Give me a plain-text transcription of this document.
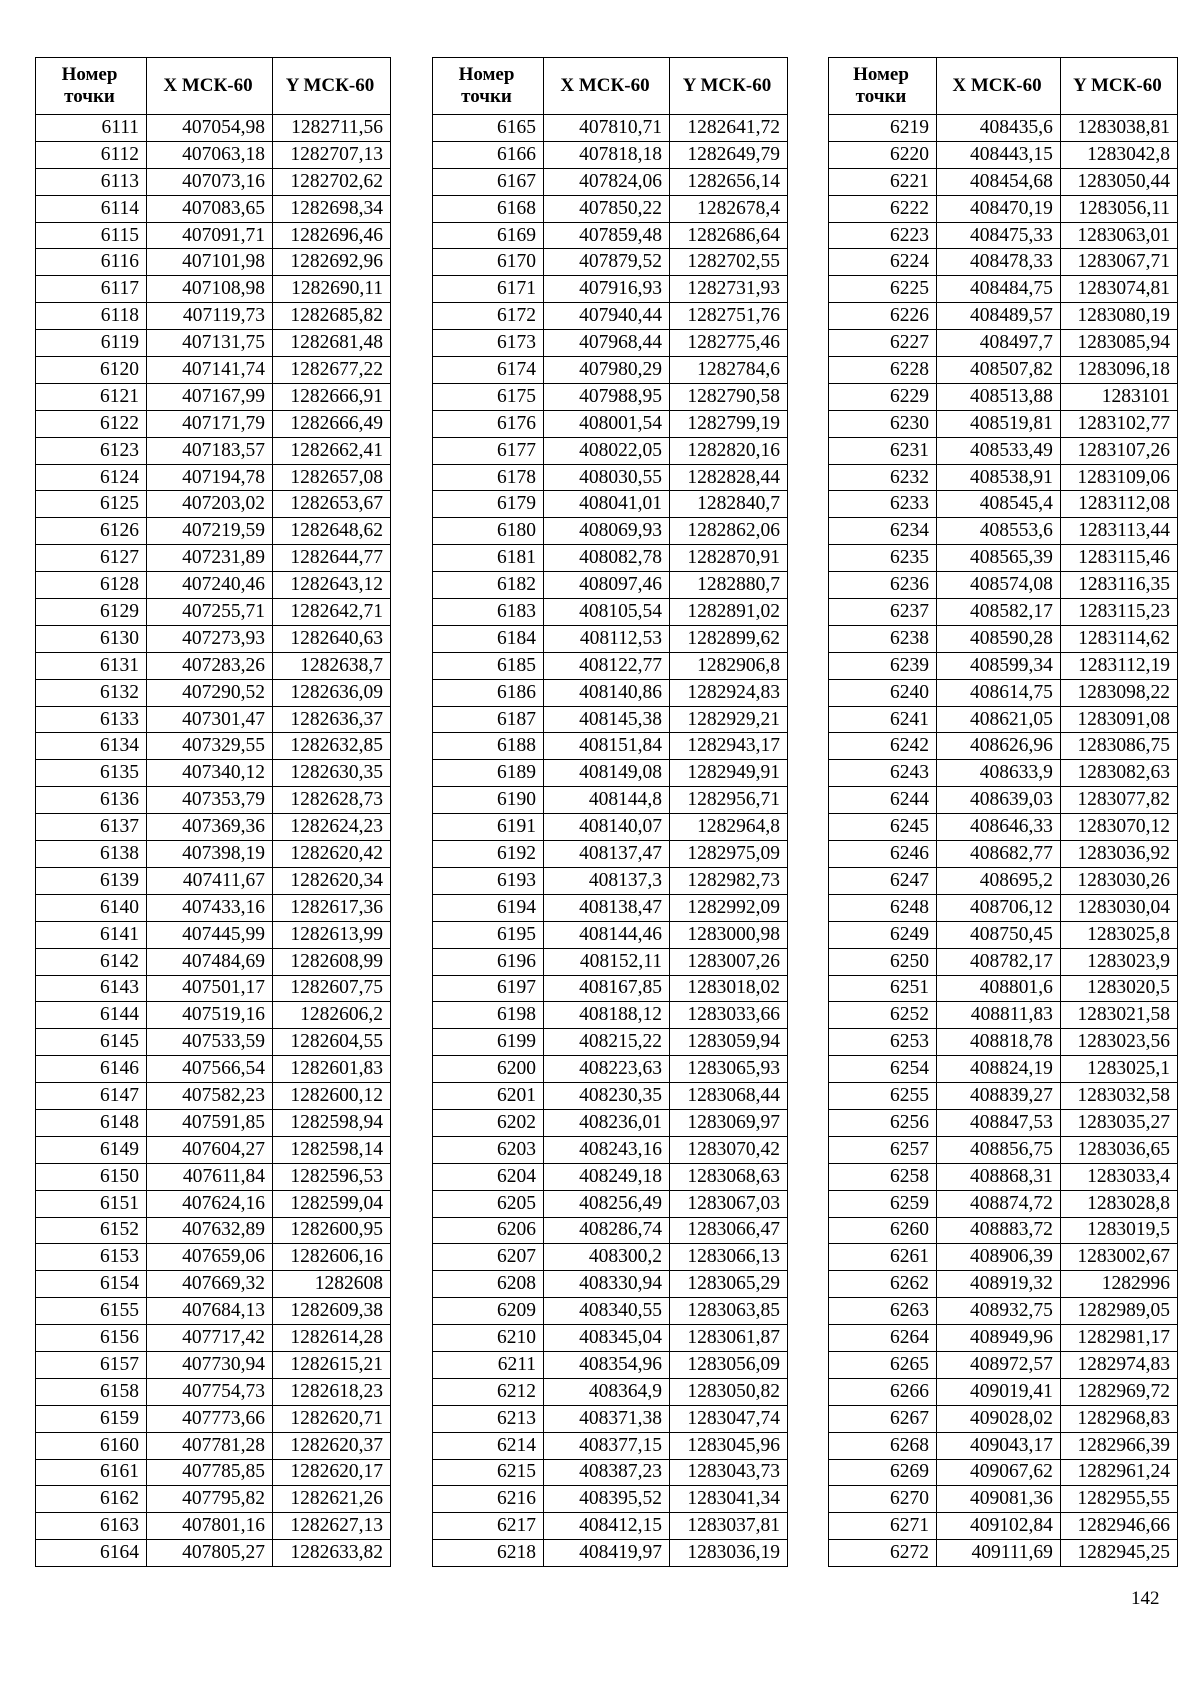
Номер точки	X МСК-60	Y МСК-60
6111	407054,98	1282711,56
6112	407063,18	1282707,13
6113	407073,16	1282702,62
6114	407083,65	1282698,34
6115	407091,71	1282696,46
6116	407101,98	1282692,96
6117	407108,98	1282690,11
6118	407119,73	1282685,82
6119	407131,75	1282681,48
6120	407141,74	1282677,22
6121	407167,99	1282666,91
6122	407171,79	1282666,49
6123	407183,57	1282662,41
6124	407194,78	1282657,08
6125	407203,02	1282653,67
6126	407219,59	1282648,62
6127	407231,89	1282644,77
6128	407240,46	1282643,12
6129	407255,71	1282642,71
6130	407273,93	1282640,63
6131	407283,26	1282638,7
6132	407290,52	1282636,09
6133	407301,47	1282636,37
6134	407329,55	1282632,85
6135	407340,12	1282630,35
6136	407353,79	1282628,73
6137	407369,36	1282624,23
6138	407398,19	1282620,42
6139	407411,67	1282620,34
6140	407433,16	1282617,36
6141	407445,99	1282613,99
6142	407484,69	1282608,99
6143	407501,17	1282607,75
6144	407519,16	1282606,2
6145	407533,59	1282604,55
6146	407566,54	1282601,83
6147	407582,23	1282600,12
6148	407591,85	1282598,94
6149	407604,27	1282598,14
6150	407611,84	1282596,53
6151	407624,16	1282599,04
6152	407632,89	1282600,95
6153	407659,06	1282606,16
6154	407669,32	1282608
6155	407684,13	1282609,38
6156	407717,42	1282614,28
6157	407730,94	1282615,21
6158	407754,73	1282618,23
6159	407773,66	1282620,71
6160	407781,28	1282620,37
6161	407785,85	1282620,17
6162	407795,82	1282621,26
6163	407801,16	1282627,13
6164	407805,27	1282633,82
Номер точки	X МСК-60	Y МСК-60
6165	407810,71	1282641,72
6166	407818,18	1282649,79
6167	407824,06	1282656,14
6168	407850,22	1282678,4
6169	407859,48	1282686,64
6170	407879,52	1282702,55
6171	407916,93	1282731,93
6172	407940,44	1282751,76
6173	407968,44	1282775,46
6174	407980,29	1282784,6
6175	407988,95	1282790,58
6176	408001,54	1282799,19
6177	408022,05	1282820,16
6178	408030,55	1282828,44
6179	408041,01	1282840,7
6180	408069,93	1282862,06
6181	408082,78	1282870,91
6182	408097,46	1282880,7
6183	408105,54	1282891,02
6184	408112,53	1282899,62
6185	408122,77	1282906,8
6186	408140,86	1282924,83
6187	408145,38	1282929,21
6188	408151,84	1282943,17
6189	408149,08	1282949,91
6190	408144,8	1282956,71
6191	408140,07	1282964,8
6192	408137,47	1282975,09
6193	408137,3	1282982,73
6194	408138,47	1282992,09
6195	408144,46	1283000,98
6196	408152,11	1283007,26
6197	408167,85	1283018,02
6198	408188,12	1283033,66
6199	408215,22	1283059,94
6200	408223,63	1283065,93
6201	408230,35	1283068,44
6202	408236,01	1283069,97
6203	408243,16	1283070,42
6204	408249,18	1283068,63
6205	408256,49	1283067,03
6206	408286,74	1283066,47
6207	408300,2	1283066,13
6208	408330,94	1283065,29
6209	408340,55	1283063,85
6210	408345,04	1283061,87
6211	408354,96	1283056,09
6212	408364,9	1283050,82
6213	408371,38	1283047,74
6214	408377,15	1283045,96
6215	408387,23	1283043,73
6216	408395,52	1283041,34
6217	408412,15	1283037,81
6218	408419,97	1283036,19
Номер точки	X МСК-60	Y МСК-60
6219	408435,6	1283038,81
6220	408443,15	1283042,8
6221	408454,68	1283050,44
6222	408470,19	1283056,11
6223	408475,33	1283063,01
6224	408478,33	1283067,71
6225	408484,75	1283074,81
6226	408489,57	1283080,19
6227	408497,7	1283085,94
6228	408507,82	1283096,18
6229	408513,88	1283101
6230	408519,81	1283102,77
6231	408533,49	1283107,26
6232	408538,91	1283109,06
6233	408545,4	1283112,08
6234	408553,6	1283113,44
6235	408565,39	1283115,46
6236	408574,08	1283116,35
6237	408582,17	1283115,23
6238	408590,28	1283114,62
6239	408599,34	1283112,19
6240	408614,75	1283098,22
6241	408621,05	1283091,08
6242	408626,96	1283086,75
6243	408633,9	1283082,63
6244	408639,03	1283077,82
6245	408646,33	1283070,12
6246	408682,77	1283036,92
6247	408695,2	1283030,26
6248	408706,12	1283030,04
6249	408750,45	1283025,8
6250	408782,17	1283023,9
6251	408801,6	1283020,5
6252	408811,83	1283021,58
6253	408818,78	1283023,56
6254	408824,19	1283025,1
6255	408839,27	1283032,58
6256	408847,53	1283035,27
6257	408856,75	1283036,65
6258	408868,31	1283033,4
6259	408874,72	1283028,8
6260	408883,72	1283019,5
6261	408906,39	1283002,67
6262	408919,32	1282996
6263	408932,75	1282989,05
6264	408949,96	1282981,17
6265	408972,57	1282974,83
6266	409019,41	1282969,72
6267	409028,02	1282968,83
6268	409043,17	1282966,39
6269	409067,62	1282961,24
6270	409081,36	1282955,55
6271	409102,84	1282946,66
6272	409111,69	1282945,25
142
